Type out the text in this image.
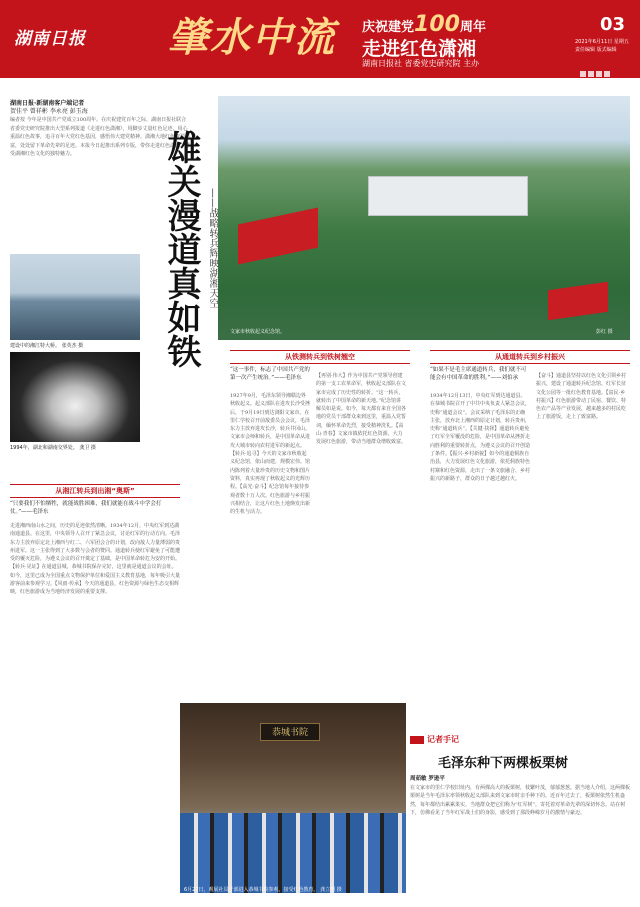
湖南日报 肇水中流 庆祝建党100周年
走进红色潇湘
湖南日报社 省委党史研究院 主办
03
2021年6月11日 星期五 责任编辑 版式编辑
湖南日报·新湖南客户端记者
贺佳平 曾祥彬 李永亮 彭玉海
编者按 今年是中国共产党成立100周年。在庆祝建党百年之际，湖南日报社联合省委党史研究院推出大型系列报道《走进红色潇湘》，用脚步丈量红色足迹，用心重温红色故事，追寻百年大党红色基因，感悟伟大建党精神。潇湘大地红色资源丰富，处处留下革命先辈的足迹。本报今日起推出系列专版，带你走进红色潇湘，感受湖湘红色文化的独特魅力。
建设中的湘江特大桥。 张英杰 摄
1994年，湖北和湖南交界处。 龚卫 摄
雄关漫道真如铁 ——战略转兵辉映湖湘天空
文家市秋收起义纪念馆。	彭红 摄
从湘江转兵到出湘“奥斯”
从铁测转兵到铁树翘空	从通道转兵到乡村振兴
“只要我们不怕牺牲，就能战胜困难，我们就能在战斗中学会打仗。”——毛泽东
“这一事件，标志了中国共产党的第一次产生统治。”——毛泽东
“如果不是毛主席通道转兵，我们就不可能会有中国革命的胜利。”——刘伯承
走进湘西南山水之间，历史的足迹依然清晰。1934年12月，中央红军到达湖南通道县。在这里，中央领导人召开了紧急会议，讨论红军的行动方向。毛泽东力主放弃原定北上湘西与红二、六军团会合的计划，改向敌人力量薄弱的贵州进军。这一主张得到了大多数与会者的赞同。通道转兵使红军避免了可能遭受的覆灭危险，为遵义会议的召开奠定了基础，是中国革命转危为安的开始。【转兵·见证】在通道县城，恭城书院保存完好，这里就是通道会议的会址。如今，这里已成为全国重点文物保护单位和爱国主义教育基地，每年吸引大量游客前来参观学习。【风雨·传承】今天的通道县，红色资源与绿色生态交相辉映，红色旅游成为当地经济发展的重要支撑。
1927年9月，毛泽东领导湘赣边界秋收起义。起义部队在进攻长沙受挫后，于9月19日到达浏阳文家市。在里仁学校召开前敌委员会会议，毛泽东力主放弃进攻长沙，转兵井冈山。文家市会师和转兵，是中国革命从进攻大城市转向农村进军的新起点。【转兵·追寻】今天的文家市秋收起义纪念馆，依山而建，规模宏伟。馆内陈列着大量珍贵的历史文物和图片资料，真实再现了秋收起义的光辉历程。【高光·奋斗】纪念馆每年接待参观者数十万人次。红色旅游与乡村振兴相结合，让这片红色土地焕发出新的生机与活力。
【再别·伟大】作为中国共产党领导创建的第一支工农革命军，秋收起义部队在文家市完成了历史性的转折。“这一转兵，就转出了中国革命的新天地。”纪念馆讲解员如是说。如今，每天都有来自全国各地的党员干部群众来到这里，重温入党誓词，缅怀革命先烈，接受精神洗礼。【高山·青春】文家市镇依托红色资源，大力发展红色旅游，带动当地群众增收致富。
1934年12月13日，中央红军到达通道县。在恭城书院召开了中共中央负责人紧急会议，史称“通道会议”。会议采纳了毛泽东的正确主张，放弃北上湘西的原定计划，转兵贵州，史称“通道转兵”。【关键·抉择】通道转兵避免了红军全军覆没的危险，是中国革命从挫折走向胜利的重要转折点，为遵义会议的召开创造了条件。【振兴·乡村新貌】如今的通道侗族自治县，大力发展红色文化旅游，依托侗族特色村寨和红色资源，走出了一条文旅融合、乡村振兴的新路子，群众的日子越过越红火。
【奋斗】通道县坚持以红色文化引领乡村振兴，建设了通道转兵纪念馆、红军长征文化公园等一批红色教育基地。【富民·乡村振兴】红色旅游带动了民宿、餐饮、特色农产品等产业发展，越来越多的村民吃上了旅游饭，走上了致富路。
恭城书院
6月27日，观展社员干部进入恭城书院参观，接受红色教育。 龚立明 摄
记者手记
毛泽东种下两棵板栗树
周茹敏 罗逊平
在文家市的里仁学校旧址内，有两棵高大的板栗树，枝繁叶茂，郁郁葱葱。据当地人介绍，这两棵板栗树是当年毛泽东率领秋收起义部队来到文家市时亲手种下的。近百年过去了，板栗树依然生机盎然，每年都结出累累果实。当地群众把它们称为“红军树”，寄托着对革命先辈的深切怀念。站在树下，仿佛看见了当年红军战士们的身影，感受到了那段峥嵘岁月的激情与豪迈。
